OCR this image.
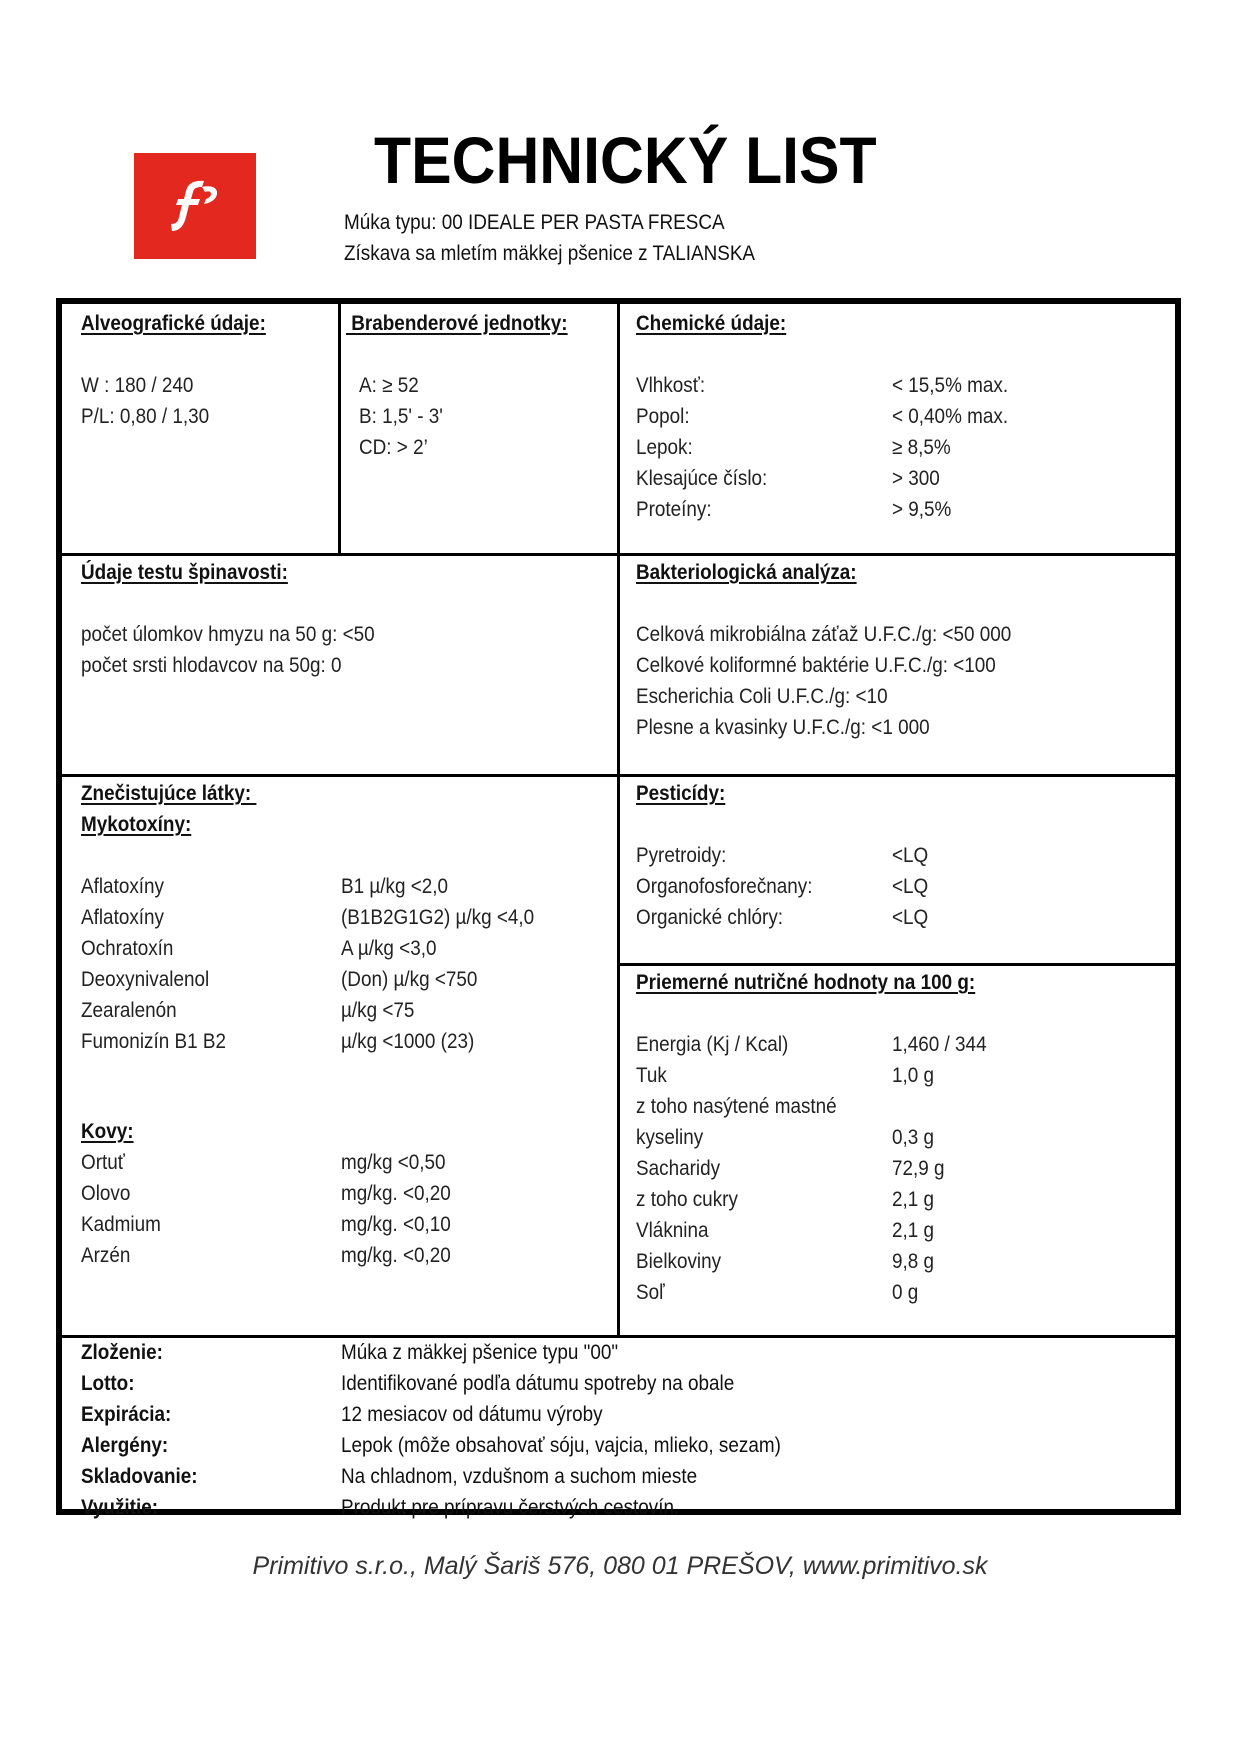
TECHNICKÝ LIST
Múka typu: 00 IDEALE PER PASTA FRESCA
Získava sa mletím mäkkej pšenice z TALIANSKA
Alveografické údaje:
W : 180 / 240
P/L: 0,80 / 1,30
Brabenderové jednotky:
A: ≥ 52
B: 1,5' - 3'
CD: > 2’
Chemické údaje:
Vlhkosť:	< 15,5% max.
Popol:	< 0,40% max.
Lepok:	≥ 8,5%
Klesajúce číslo:	> 300
Proteíny:	> 9,5%
Údaje testu špinavosti:
počet úlomkov hmyzu na 50 g: <50
počet srsti hlodavcov na 50g: 0
Bakteriologická analýza:
Celková mikrobiálna záťaž U.F.C./g: <50 000
Celkové koliformné baktérie U.F.C./g: <100
Escherichia Coli U.F.C./g: <10
Plesne a kvasinky U.F.C./g: <1 000
Znečistujúce látky:
Mykotoxíny:
Aflatoxíny	B1 µ/kg <2,0
Aflatoxíny	(B1B2G1G2) µ/kg <4,0
Ochratoxín	A µ/kg <3,0
Deoxynivalenol	(Don) µ/kg <750
Zearalenón	µ/kg <75
Fumonizín B1 B2	µ/kg <1000 (23)
Kovy:
Ortuť	mg/kg <0,50
Olovo	mg/kg. <0,20
Kadmium	mg/kg. <0,10
Arzén	mg/kg. <0,20
Pesticídy:
Pyretroidy:	<LQ
Organofosforečnany:	<LQ
Organické chlóry:	<LQ
Priemerné nutričné hodnoty na 100 g:
Energia (Kj / Kcal)	1,460 / 344
Tuk	1,0 g
z toho nasýtené mastné
kyseliny	0,3 g
Sacharidy	72,9 g
z toho cukry	2,1 g
Vláknina	2,1 g
Bielkoviny	9,8 g
Soľ	0 g
Zloženie:	Múka z mäkkej pšenice typu "00"
Lotto:	Identifikované podľa dátumu spotreby na obale
Expirácia:	12 mesiacov od dátumu výroby
Alergény:	Lepok (môže obsahovať sóju, vajcia, mlieko, sezam)
Skladovanie:	Na chladnom, vzdušnom a suchom mieste
Využitie:	Produkt pre prípravu čerstvých cestovín.
Primitivo s.r.o., Malý Šariš 576, 080 01 PREŠOV, www.primitivo.sk
